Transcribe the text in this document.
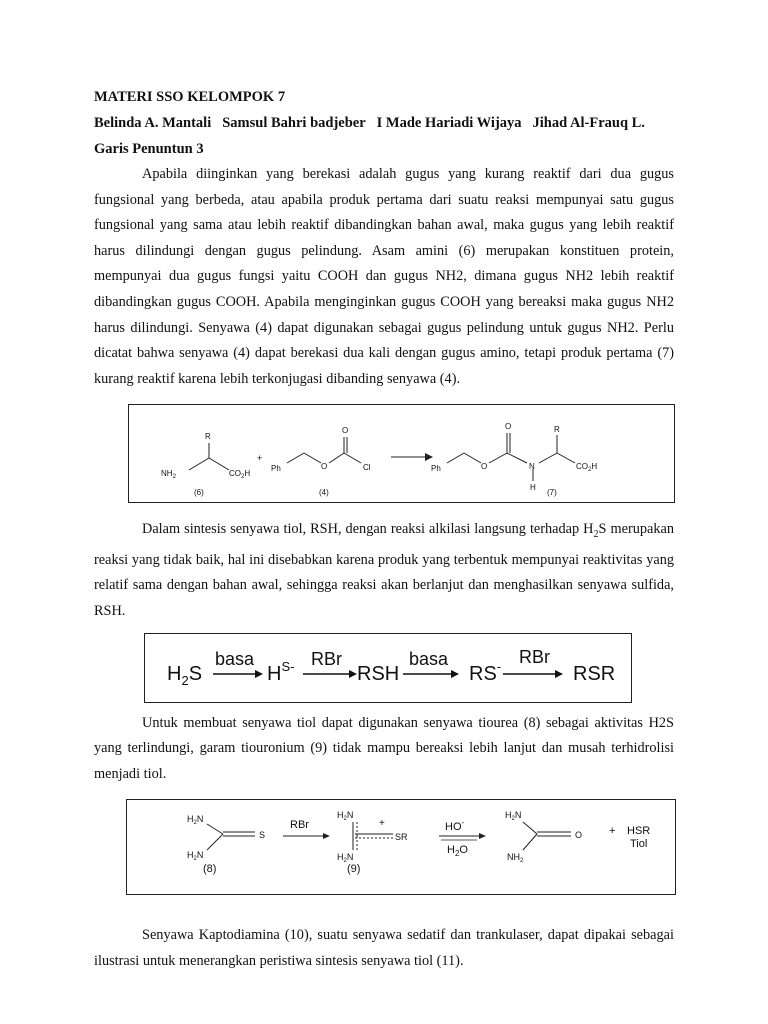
MATERI SSO KELOMPOK 7

Belinda A. Mantali Samsul Bahri badjeber I Made Hariadi Wijaya Jihad Al-Frauq L.

Garis Penuntun 3

Apabila diinginkan yang berekasi adalah gugus yang kurang reaktif dari dua gugus fungsional yang berbeda, atau apabila produk pertama dari suatu reaksi mempunyai satu gugus fungsional yang sama atau lebih reaktif dibandingkan bahan awal, maka gugus yang lebih reaktif harus dilindungi dengan gugus pelindung. Asam amini (6) merupakan konstituen protein, mempunyai dua gugus fungsi yaitu COOH dan gugus NH2, dimana gugus NH2 lebih reaktif dibandingkan gugus COOH. Apabila menginginkan gugus COOH yang bereaksi maka gugus NH2 harus dilindungi. Senyawa (4) dapat digunakan sebagai gugus pelindung untuk gugus NH2. Perlu dicatat bahwa senyawa (4) dapat berekasi dua kali dengan gugus amino, tetapi produk pertama (7) kurang reaktif karena lebih terkonjugasi dibanding senyawa (4).

R
$NH_2$	$CO_2H$
(6)
+
Ph	O
O
Cl
(4)
Ph	O
O
N
H
R
$CO_2H$
(7)

Dalam sintesis senyawa tiol, RSH, dengan reaksi alkilasi langsung terhadap $H_2S$ merupakan reaksi yang tidak baik, hal ini disebabkan karena produk yang terbentuk mempunyai reaktivitas yang relatif sama dengan bahan awal, sehingga reaksi akan berlanjut dan menghasilkan senyawa sulfida, RSH.

$H_2S$
basa
$H^{S-}$ RBr
RSH
basa
RS- RBr
RSR

Untuk membuat senyawa tiol dapat digunakan senyawa tiourea (8) sebagai aktivitas H2S yang terlindungi, garam tiouronium (9) tidak mampu bereaksi lebih lanjut dan musah terhidrolisi menjadi tiol.

$H_2N$
$H_2N$
S
(8)
RBr
$H_2N$
$H_2N$
+
SR
(9)
HO-
$H_2O$
$H_2N$
O
$NH_2$
+ HSR
Tiol

Senyawa Kaptodiamina (10), suatu senyawa sedatif dan trankulaser, dapat dipakai sebagai ilustrasi untuk menerangkan peristiwa sintesis senyawa tiol (11).
